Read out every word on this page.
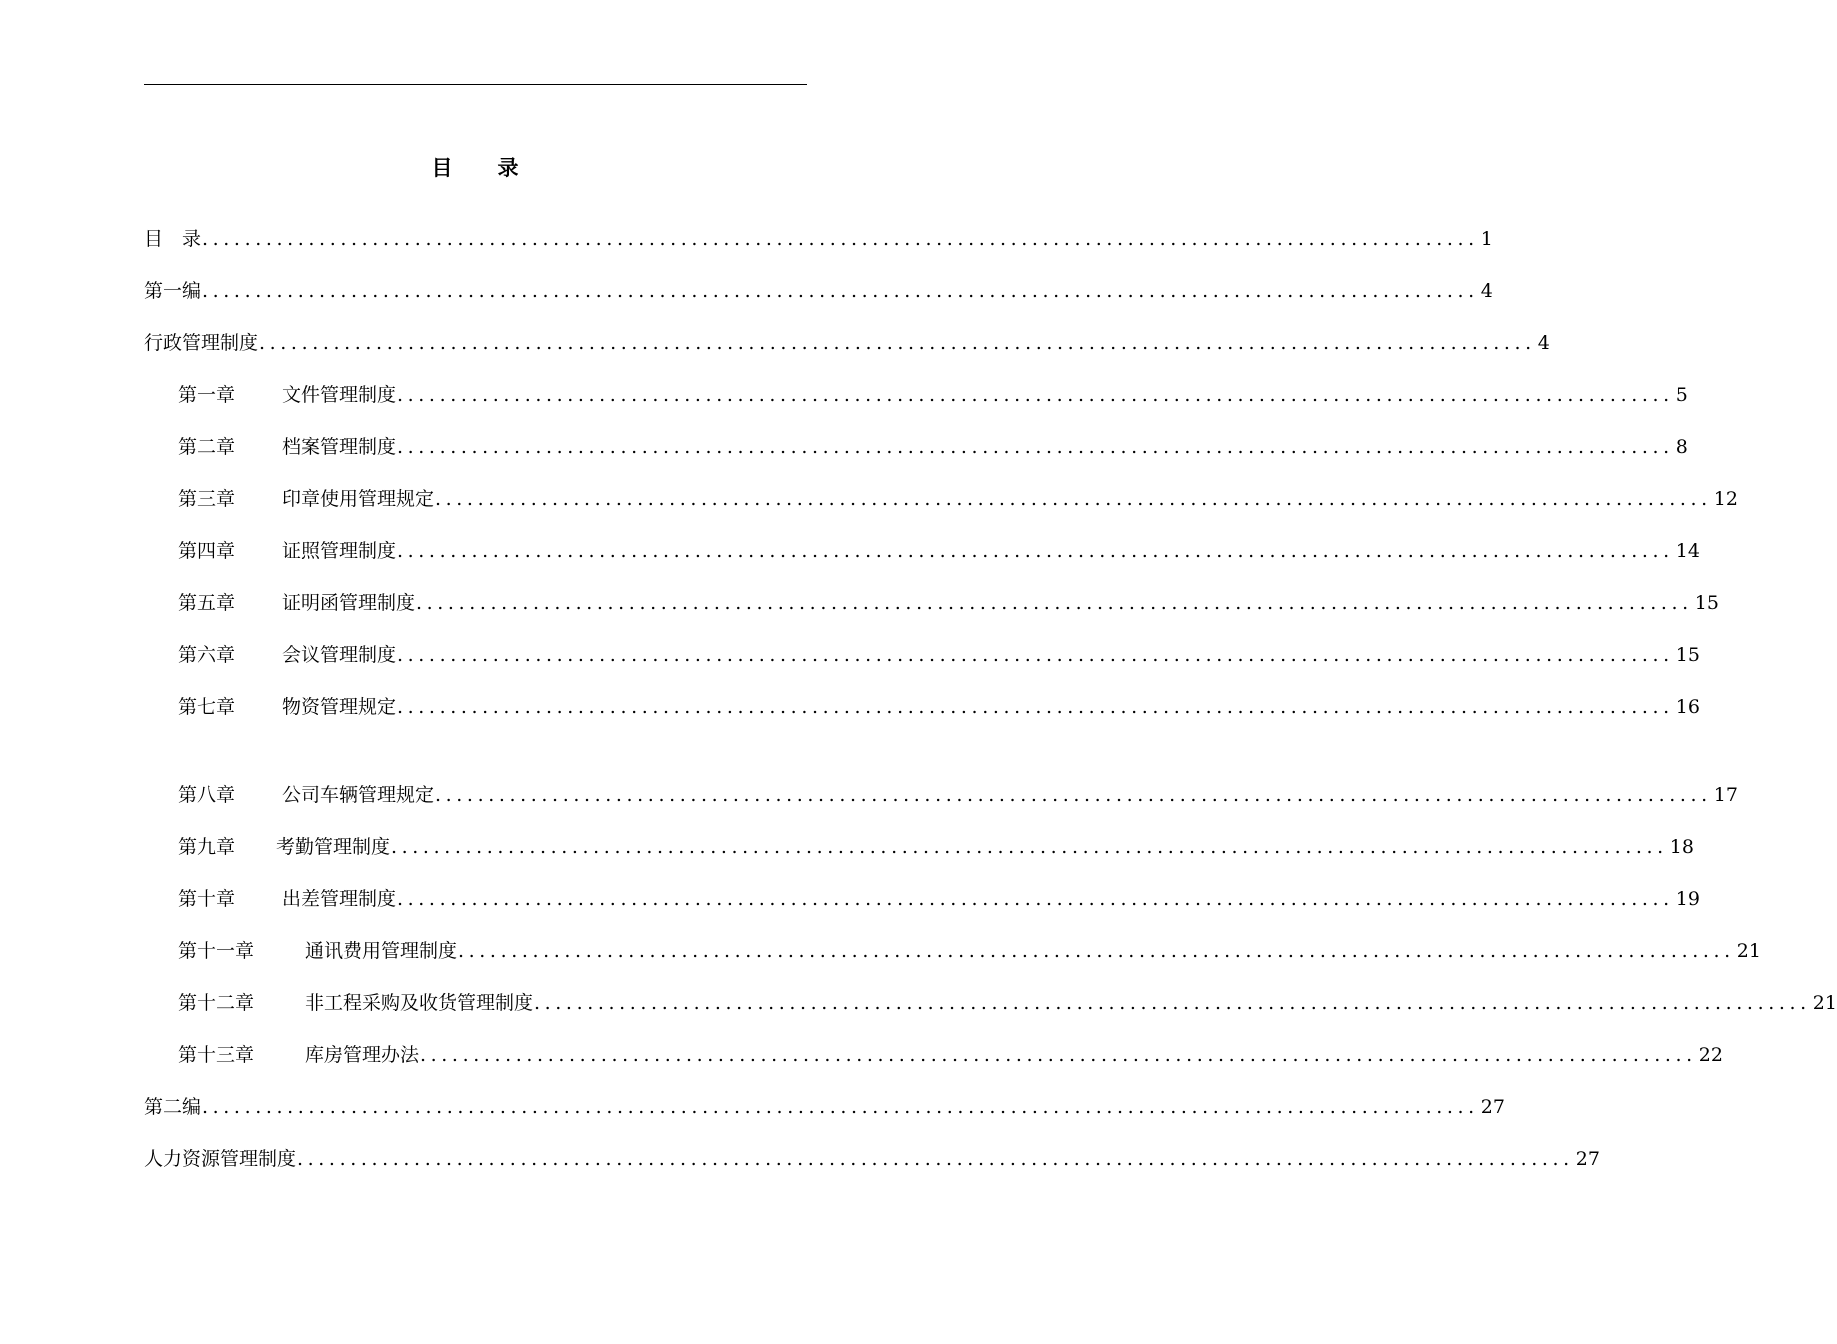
目 录
目　录 ........................................................................................................................ 1
第一编 ........................................................................................................................ 4
行政管理制度 ........................................................................................................................ 4
第一章 文件管理制度 ........................................................................................................................ 5
第二章 档案管理制度 ........................................................................................................................ 8
第三章 印章使用管理规定 ........................................................................................................................ 12
第四章 证照管理制度 ........................................................................................................................ 14
第五章 证明函管理制度 ........................................................................................................................ 15
第六章 会议管理制度 ........................................................................................................................ 15
第七章 物资管理规定 ........................................................................................................................ 16
第八章 公司车辆管理规定 ........................................................................................................................ 17
第九章 考勤管理制度 ........................................................................................................................ 18
第十章 出差管理制度 ........................................................................................................................ 19
第十一章	通讯费用管理制度 ........................................................................................................................ 21
第十二章	非工程采购及收货管理制度 ........................................................................................................................ 21
第十三章	库房管理办法 ........................................................................................................................ 22
第二编 ........................................................................................................................ 27
人力资源管理制度 ........................................................................................................................ 27
